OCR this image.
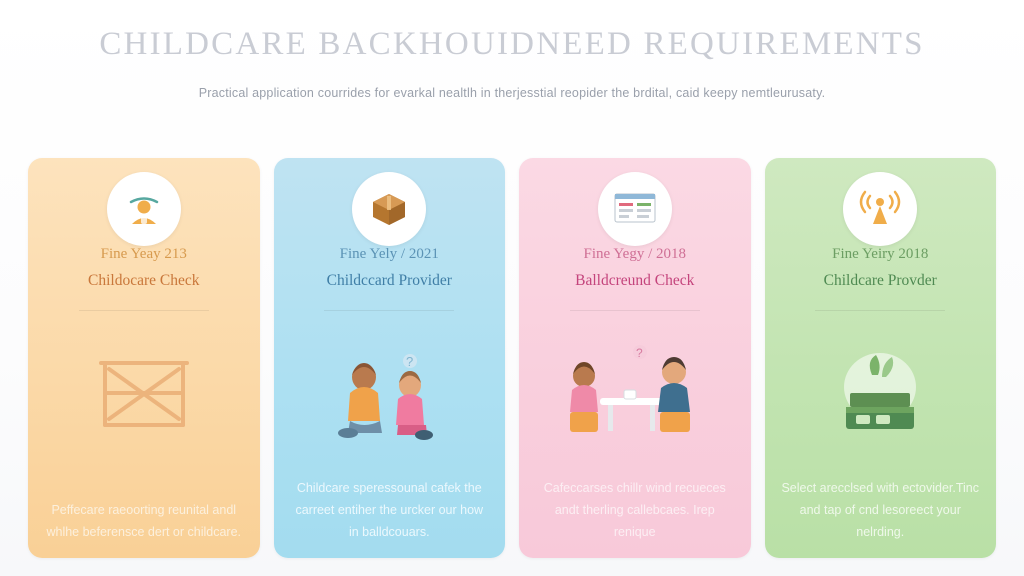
CHILDCARE BACKHOUIDNEED REQUIREMENTS
Practical application courrides for evarkal nealtlh in therjesstial reopider the brdital, caid keepy nemtleurusaty.
Fine Yeay 213
Childocare Check
Peffecare raeoorting reunital andl whlhe beferensce dert or childcare.
Fine Yely / 2021
Childccard Provider
?
Childcare speressounal cafek the carreet entiher the urcker our how in balldcouars.
Fine Yegy / 2018
Balldcreund Check
?
Cafeccarses chillr wind recueces andt therling callebcaes. Irep renique
Fine Yeiry 2018
Childcare Provder
Select arecclsed with ectovider.Tinc and tap of cnd lesoreect your nelrding.
